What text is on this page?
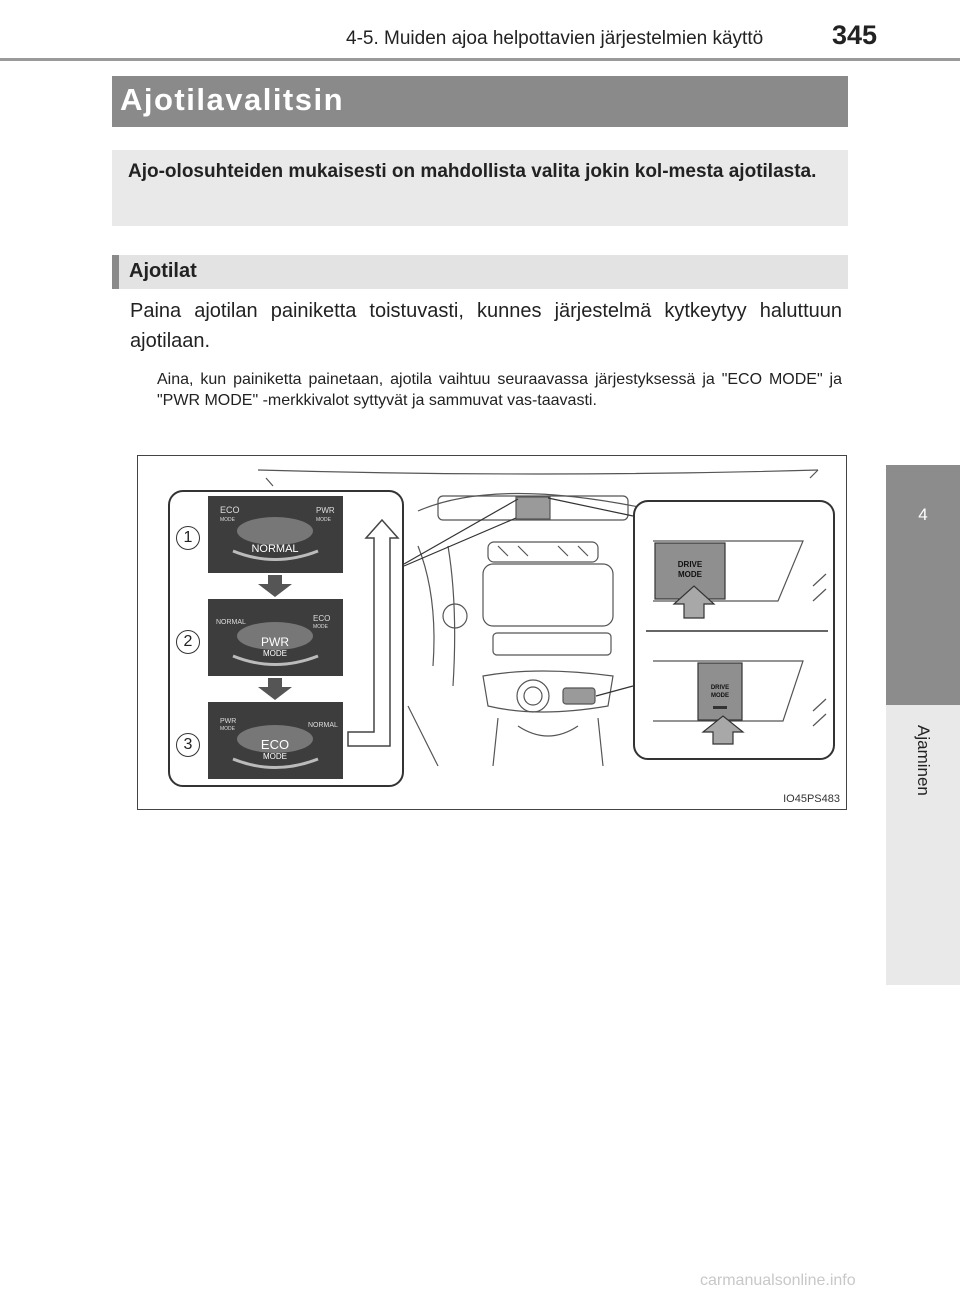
4-5. Muiden ajoa helpottavien järjestelmien käyttö	345
4
Ajaminen
Ajotilavalitsin

Ajo-olosuhteiden mukaisesti on mahdollista valita jokin kol-mesta ajotilasta.

Ajotilat

Paina ajotilan painiketta toistuvasti, kunnes järjestelmä kytkeytyy haluttuun ajotilaan.

Aina, kun painiketta painetaan, ajotila vaihtuu seuraavassa järjestyksessä ja "ECO MODE" ja "PWR MODE" -merkkivalot syttyvät ja sammuvat vas-taavasti.

ECO
MODE
PWR
MODE
NORMAL
NORMAL	ECO
MODE
PWR
MODE
PWR
MODE	NORMAL
ECO
MODE
DRIVE
MODE
DRIVE
MODE
1
2
3
IO45PS483
carmanualsonline.info
